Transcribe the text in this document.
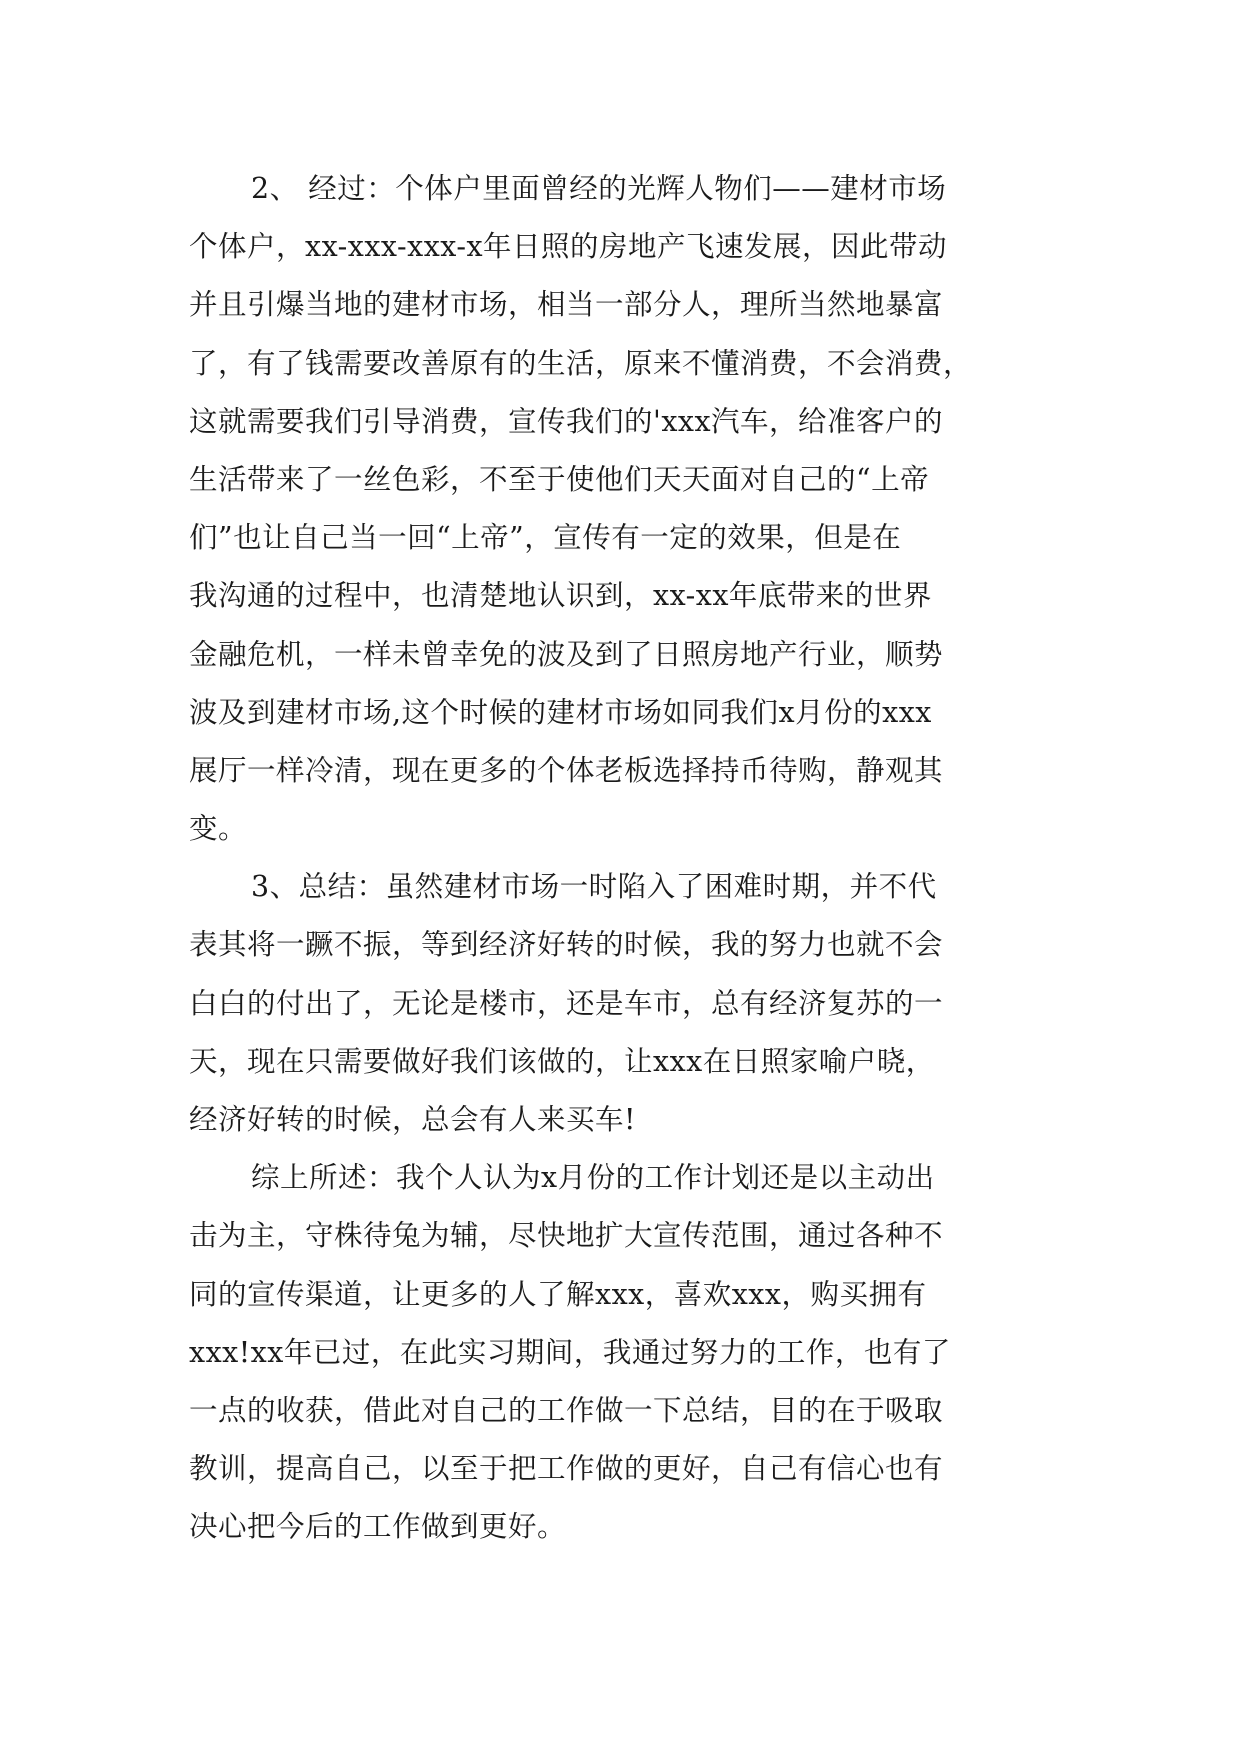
2、 经过：个体户里面曾经的光辉人物们——建材市场
个体户，xx-xxx-xxx-x年日照的房地产飞速发展，因此带动
并且引爆当地的建材市场，相当一部分人，理所当然地暴富
了，有了钱需要改善原有的生活，原来不懂消费，不会消费，
这就需要我们引导消费，宣传我们的'xxx汽车，给准客户的
生活带来了一丝色彩，不至于使他们天天面对自己的“上帝
们”也让自己当一回“上帝”，宣传有一定的效果，但是在
我沟通的过程中，也清楚地认识到，xx-xx年底带来的世界
金融危机，一样未曾幸免的波及到了日照房地产行业，顺势
波及到建材市场,这个时候的建材市场如同我们x月份的xxx
展厅一样冷清，现在更多的个体老板选择持币待购，静观其
变。
3、总结：虽然建材市场一时陷入了困难时期，并不代
表其将一蹶不振，等到经济好转的时候，我的努力也就不会
白白的付出了，无论是楼市，还是车市，总有经济复苏的一
天，现在只需要做好我们该做的，让xxx在日照家喻户晓，
经济好转的时候，总会有人来买车!
综上所述：我个人认为x月份的工作计划还是以主动出
击为主，守株待兔为辅，尽快地扩大宣传范围，通过各种不
同的宣传渠道，让更多的人了解xxx，喜欢xxx，购买拥有
xxx!xx年已过，在此实习期间，我通过努力的工作，也有了
一点的收获，借此对自己的工作做一下总结，目的在于吸取
教训，提高自己，以至于把工作做的更好，自己有信心也有
决心把今后的工作做到更好。
